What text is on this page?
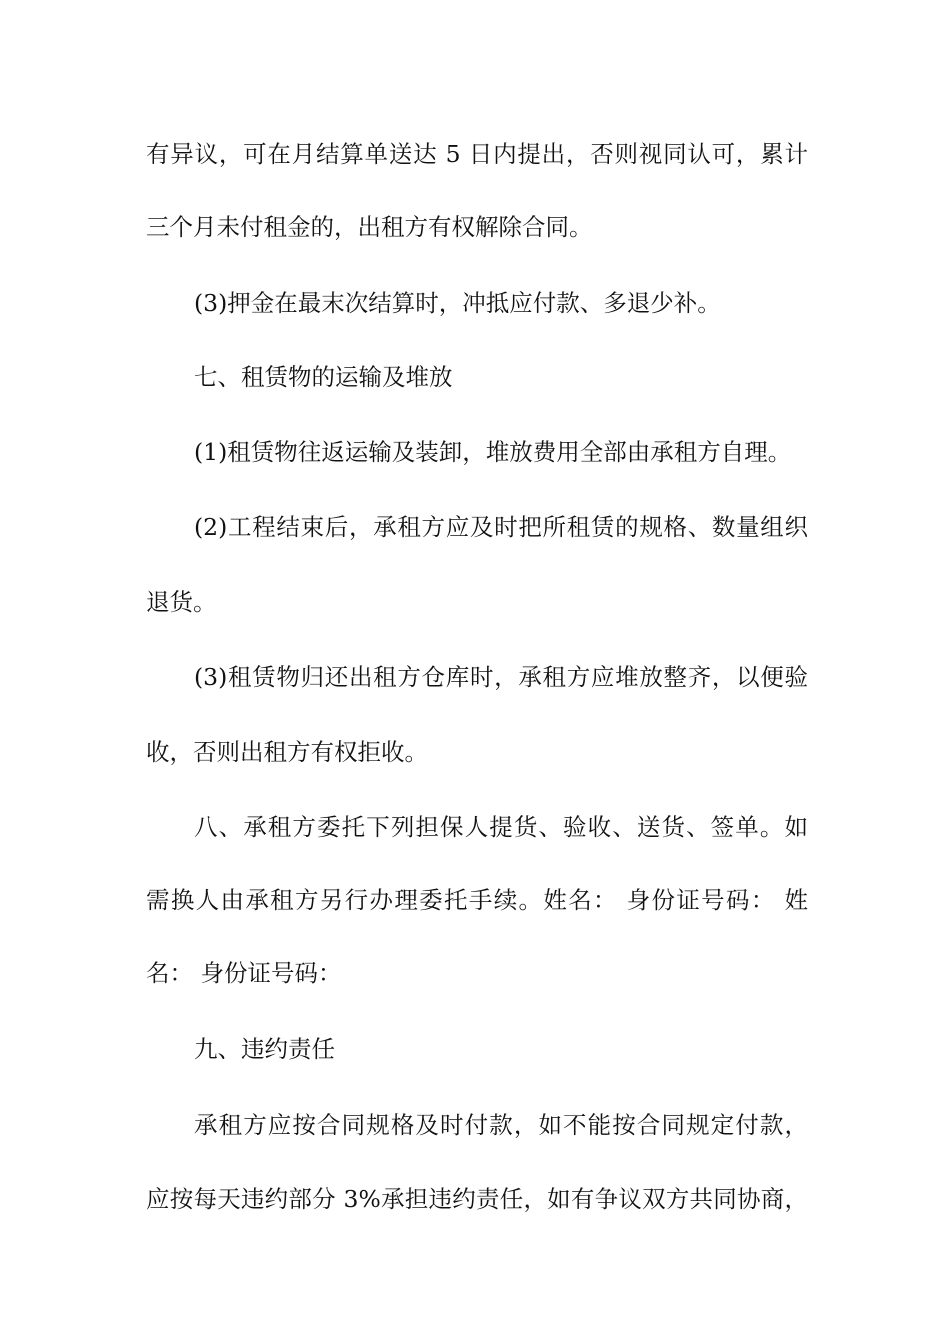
有异议，可在月结算单送达 5 日内提出，否则视同认可，累计
三个月未付租金的，出租方有权解除合同。
(3)押金在最末次结算时，冲抵应付款、多退少补。
七、租赁物的运输及堆放
(1)租赁物往返运输及装卸，堆放费用全部由承租方自理。
(2)工程结束后，承租方应及时把所租赁的规格、数量组织
退货。
(3)租赁物归还出租方仓库时，承租方应堆放整齐，以便验
收，否则出租方有权拒收。
八、承租方委托下列担保人提货、验收、送货、签单。如
需换人由承租方另行办理委托手续。姓名： 身份证号码： 姓
名： 身份证号码：
九、违约责任
承租方应按合同规格及时付款，如不能按合同规定付款，
应按每天违约部分 3%承担违约责任，如有争议双方共同协商，
